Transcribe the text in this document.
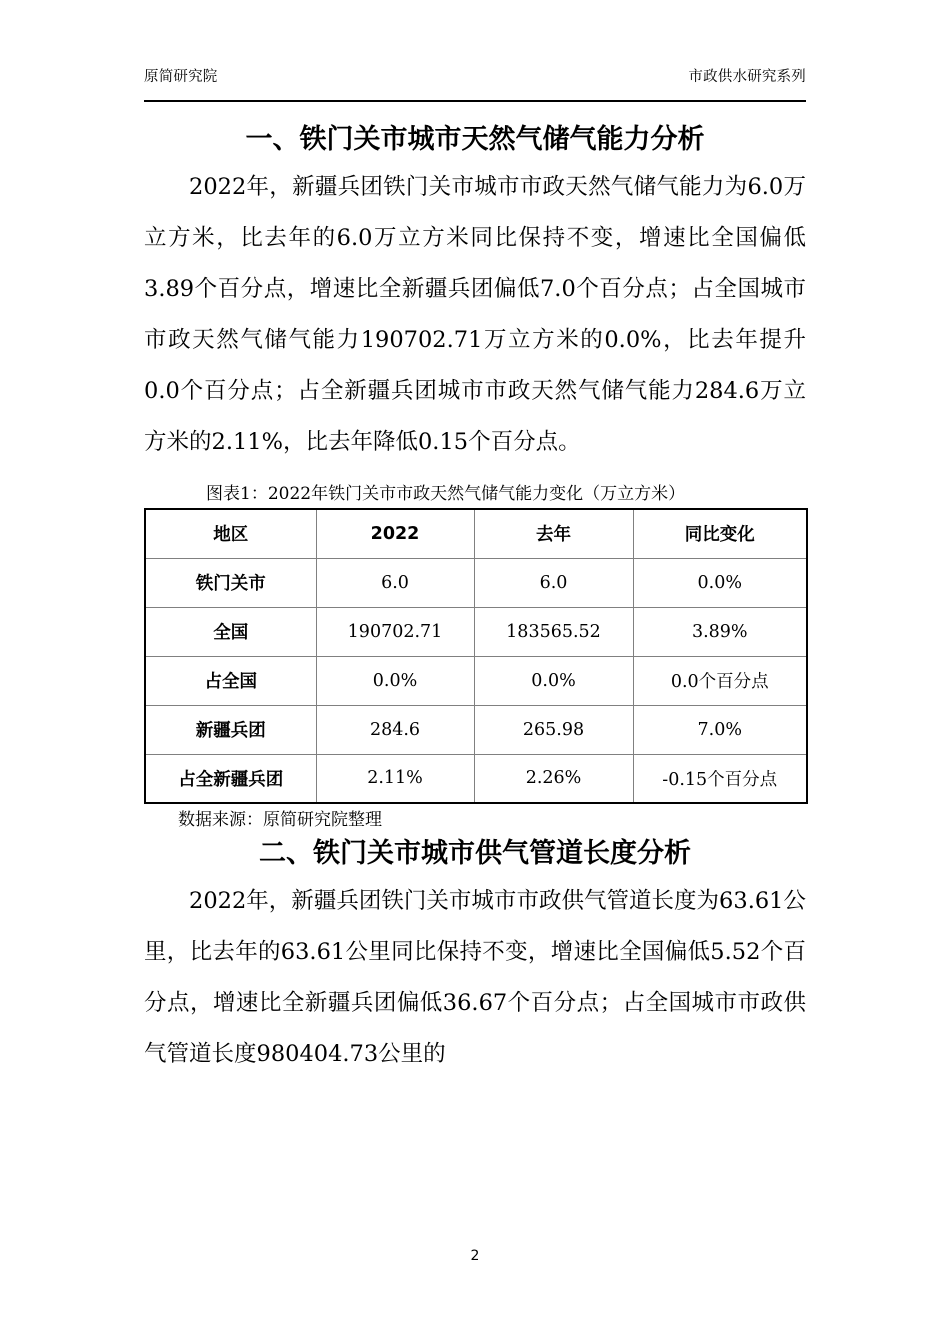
原简研究院	市政供水研究系列
一、铁门关市城市天然气储气能力分析

2022年，新疆兵团铁门关市城市市政天然气储气能力为6.0万立方米，比去年的6.0万立方米同比保持不变，增速比全国偏低3.89个百分点，增速比全新疆兵团偏低7.0个百分点；占全国城市市政天然气储气能力190702.71万立方米的0.0%，比去年提升0.0个百分点；占全新疆兵团城市市政天然气储气能力284.6万立方米的2.11%，比去年降低0.15个百分点。

图表1：2022年铁门关市市政天然气储气能力变化（万立方米）
地区	2022	去年	同比变化
铁门关市	6.0	6.0	0.0%
全国	190702.71	183565.52	3.89%
占全国	0.0%	0.0%	0.0个百分点
新疆兵团	284.6	265.98	7.0%
占全新疆兵团	2.11%	2.26%	-0.15个百分点
数据来源：原简研究院整理
二、铁门关市城市供气管道长度分析

2022年，新疆兵团铁门关市城市市政供气管道长度为63.61公里，比去年的63.61公里同比保持不变，增速比全国偏低5.52个百分点，增速比全新疆兵团偏低36.67个百分点；占全国城市市政供气管道长度980404.73公里的

2
